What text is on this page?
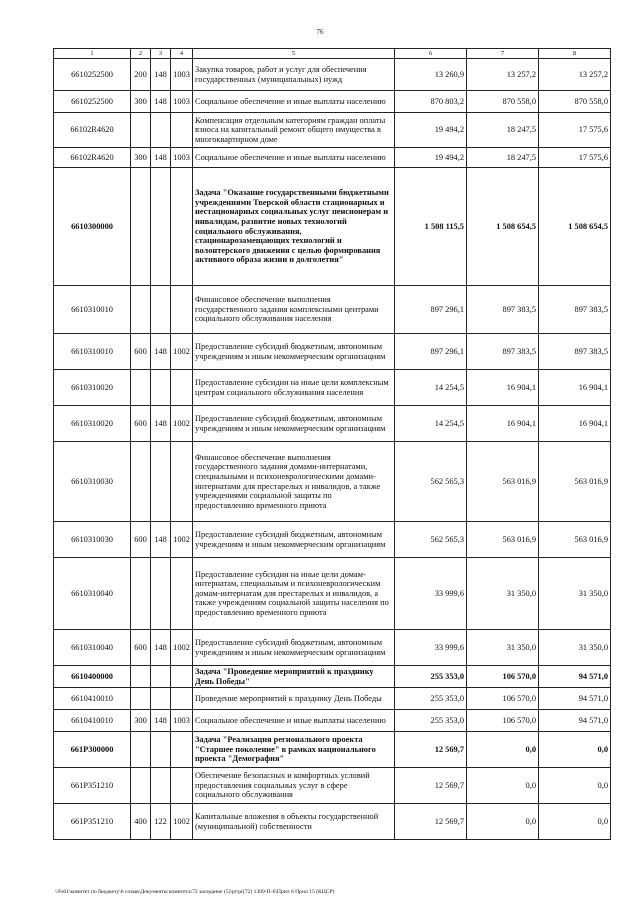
76
1	2	3	4	5	6	7	8
6610252500	200	148	1003	Закупка товаров, работ и услуг для обеспечения государственных (муниципальных) нужд	13 260,9	13 257,2	13 257,2
6610252500	300	148	1003	Социальное обеспечение и иные выплаты населению	870 803,2	870 558,0	870 558,0
66102R4620				Компенсация отдельным категориям граждан оплаты взноса на капитальный ремонт общего имущества в многоквартирном доме	19 494,2	18 247,5	17 575,6
66102R4620	300	148	1003	Социальное обеспечение и иные выплаты населению	19 494,2	18 247,5	17 575,6
6610300000				Задача "Оказание государственными бюджетными учреждениями Тверской области стационарных и нестационарных социальных услуг пенсионерам и инвалидам, развитие новых технологий социального обслуживания, стационарозамещающих технологий и волонтерского движения с целью формирования активного образа жизни и долголетия"	1 508 115,5	1 508 654,5	1 508 654,5
6610310010				Финансовое обеспечение выполнения государственного задания комплексными центрами социального обслуживания населения	897 296,1	897 383,5	897 383,5
6610310010	600	148	1002	Предоставление субсидий бюджетным, автономным учреждениям и иным некоммерческим организациям	897 296,1	897 383,5	897 383,5
6610310020				Предоставление субсидии на иные цели комплексным центрам социального обслуживания населения	14 254,5	16 904,1	16 904,1
6610310020	600	148	1002	Предоставление субсидий бюджетным, автономным учреждениям и иным некоммерческим организациям	14 254,5	16 904,1	16 904,1
6610310030				Финансовое обеспечение выполнения государственного задания домами-интернатами, специальными и психоневрологическими домами-интернатами для престарелых и инвалидов, а также учреждениями социальной защиты по предоставлению временного приюта	562 565,3	563 016,9	563 016,9
6610310030	600	148	1002	Предоставление субсидий бюджетным, автономным учреждениям и иным некоммерческим организациям	562 565,3	563 016,9	563 016,9
6610310040				Предоставление субсидии на иные цели домам-интернатам, специальным и психоневрологическим домам-интернатам для престарелых и инвалидов, а также учреждениям социальной защиты населения по предоставлению временного приюта	33 999,6	31 350,0	31 350,0
6610310040	600	148	1002	Предоставление субсидий бюджетным, автономным учреждениям и иным некоммерческим организациям	33 999,6	31 350,0	31 350,0
6610400000				Задача "Проведение мероприятий к празднику День Победы"	255 353,0	106 570,0	94 571,0
6610410010				Проведение мероприятий к празднику День Победы	255 353,0	106 570,0	94 571,0
6610410010	300	148	1003	Социальное обеспечение и иные выплаты населению	255 353,0	106 570,0	94 571,0
661P300000				Задача "Реализация регионального проекта "Старшее поколение" в рамках национального проекта "Демография"	12 569,7	0,0	0,0
661P351210				Обеспечение безопасных и комфортных условий предоставления социальных услуг в сфере социального обслуживания	12 569,7	0,0	0,0
661P351210	400	122	1002	Капитальные вложения в объекты государственной (муниципальной) собственности	12 569,7	0,0	0,0
\\Fs01\комитет по бюджету\6 созыв\Документы комитета\72 заседание (5)\pr\pr(72) 1309-П-6\Прил 6 Прил 15 (КЦСР)
